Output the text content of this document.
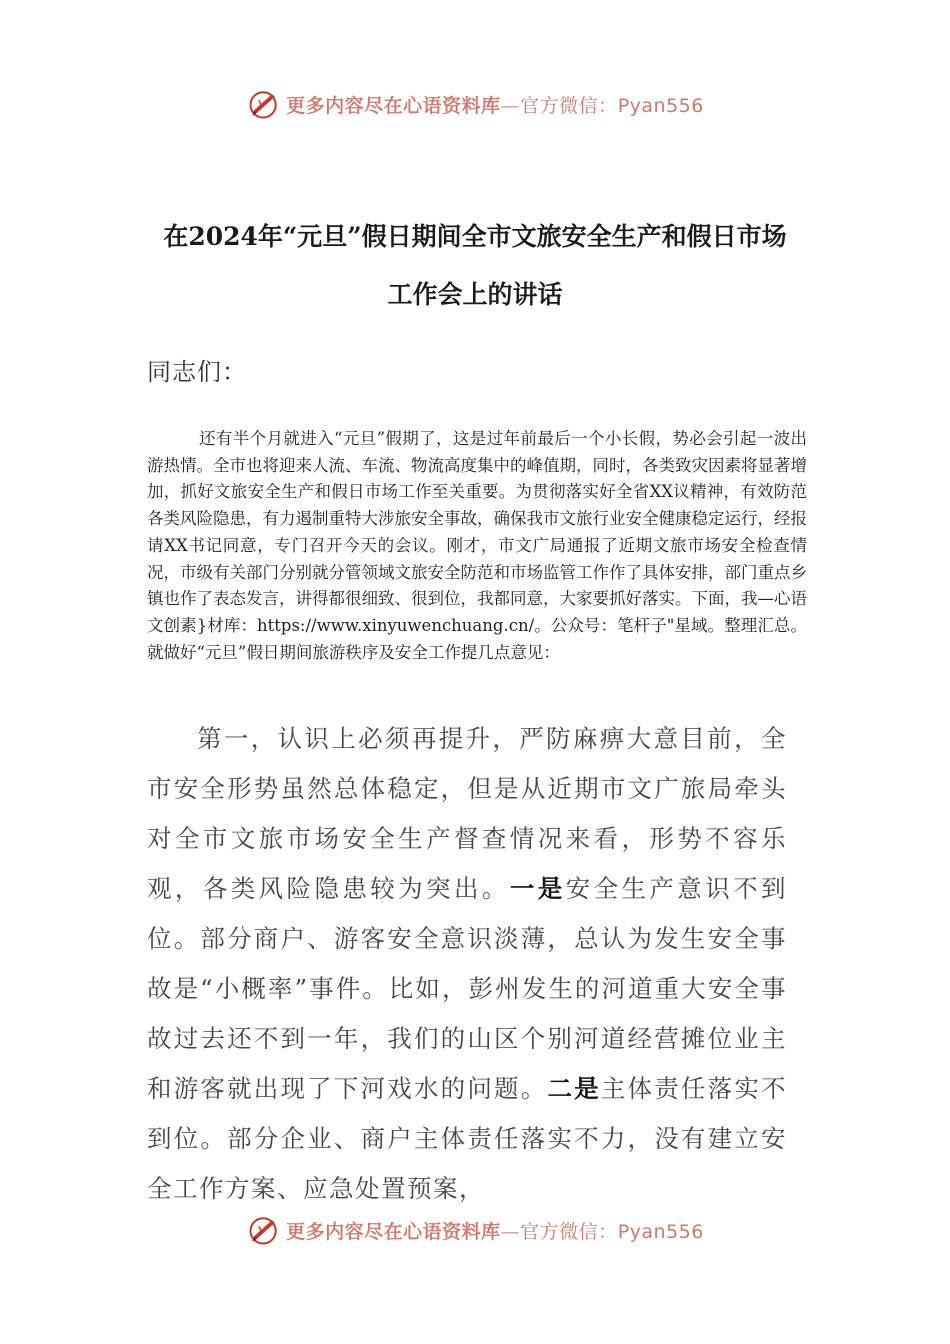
更多内容尽在心语资料库—官方微信：Pyan556
在2024年“元旦”假日期间全市文旅安全生产和假日市场
工作会上的讲话
同志们：

还有半个月就进入“元旦”假期了，这是过年前最后一个小长假，势必会引起一波出游热情。全市也将迎来人流、车流、物流高度集中的峰值期，同时，各类致灾因素将显著增加，抓好文旅安全生产和假日市场工作至关重要。为贯彻落实好全省XX议精神，有效防范各类风险隐患，有力遏制重特大涉旅安全事故，确保我市文旅行业安全健康稳定运行，经报请XX书记同意，专门召开今天的会议。刚才，市文广局通报了近期文旅市场安全检查情况，市级有关部门分别就分管领域文旅安全防范和市场监管工作作了具体安排，部门重点乡镇也作了表态发言，讲得都很细致、很到位，我都同意，大家要抓好落实。下面，我—心语文创素}材库：https://www.xinyuwenchuang.cn/。公众号：笔杆子"星域。整理汇总。就做好“元旦”假日期间旅游秩序及安全工作提几点意见：

第一，认识上必须再提升，严防麻痹大意目前，全市安全形势虽然总体稳定，但是从近期市文广旅局牵头对全市文旅市场安全生产督查情况来看，形势不容乐观，各类风险隐患较为突出。一是安全生产意识不到位。部分商户、游客安全意识淡薄，总认为发生安全事故是“小概率”事件。比如，彭州发生的河道重大安全事故过去还不到一年，我们的山区个别河道经营摊位业主和游客就出现了下河戏水的问题。二是主体责任落实不到位。部分企业、商户主体责任落实不力，没有建立安全工作方案、应急处置预案，

更多内容尽在心语资料库—官方微信：Pyan556
